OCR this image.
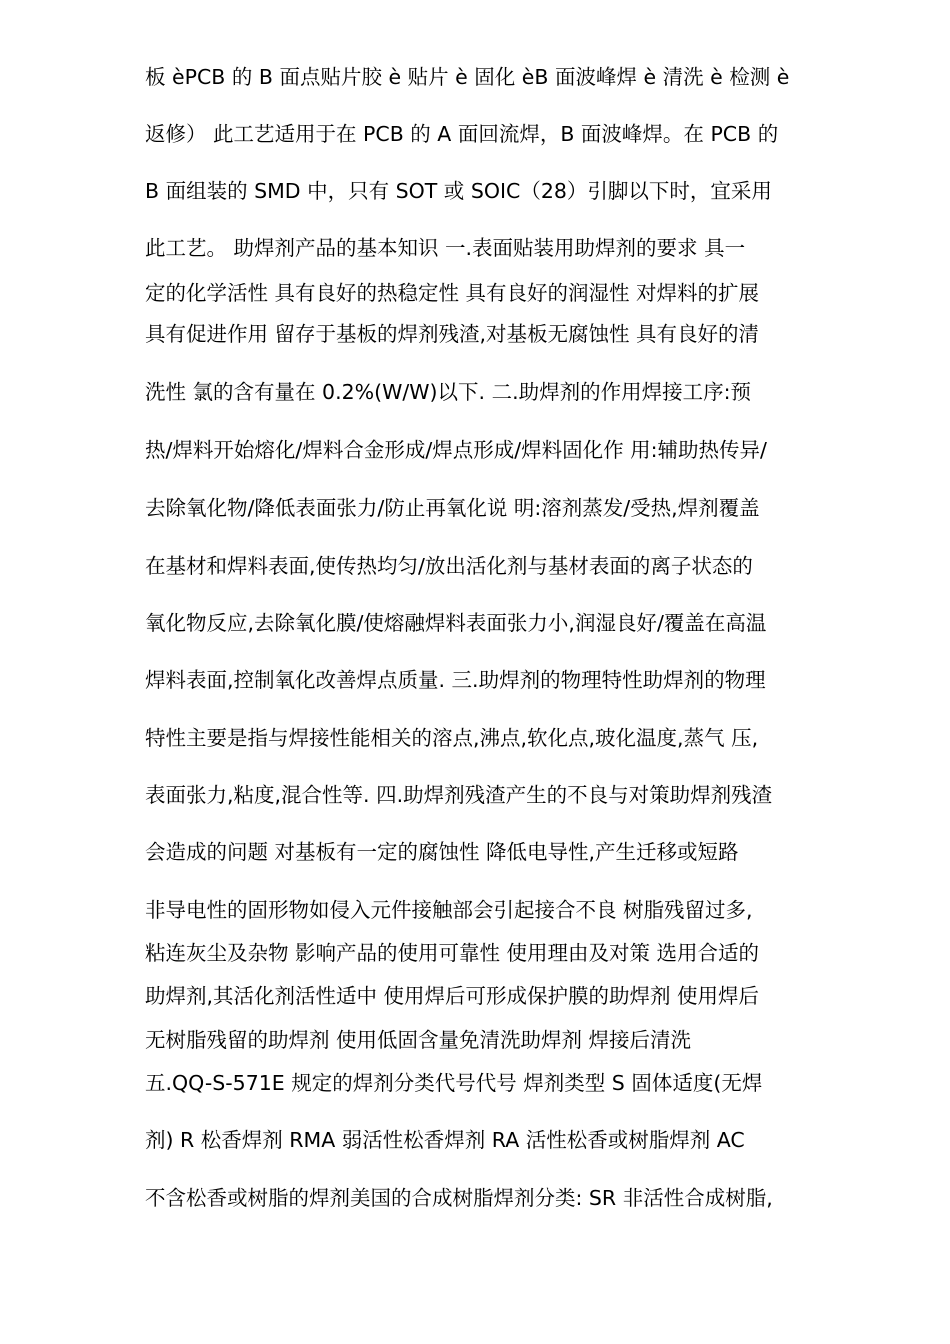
板 èPCB 的 B 面点贴片胶 è 贴片 è 固化 èB 面波峰焊 è 清洗 è 检测 è
返修） 此工艺适用于在 PCB 的 A 面回流焊，B 面波峰焊。在 PCB 的
B 面组装的 SMD 中，只有 SOT 或 SOIC（28）引脚以下时，宜采用
此工艺。 助焊剂产品的基本知识 一.表面贴装用助焊剂的要求 具一
定的化学活性 具有良好的热稳定性 具有良好的润湿性 对焊料的扩展
具有促进作用 留存于基板的焊剂残渣,对基板无腐蚀性 具有良好的清
洗性 氯的含有量在 0.2%(W/W)以下. 二.助焊剂的作用焊接工序:预
热/焊料开始熔化/焊料合金形成/焊点形成/焊料固化作 用:辅助热传异/
去除氧化物/降低表面张力/防止再氧化说 明:溶剂蒸发/受热,焊剂覆盖
在基材和焊料表面,使传热均匀/放出活化剂与基材表面的离子状态的
氧化物反应,去除氧化膜/使熔融焊料表面张力小,润湿良好/覆盖在高温
焊料表面,控制氧化改善焊点质量. 三.助焊剂的物理特性助焊剂的物理
特性主要是指与焊接性能相关的溶点,沸点,软化点,玻化温度,蒸气 压,
表面张力,粘度,混合性等. 四.助焊剂残渣产生的不良与对策助焊剂残渣
会造成的问题 对基板有一定的腐蚀性 降低电导性,产生迁移或短路
非导电性的固形物如侵入元件接触部会引起接合不良 树脂残留过多,
粘连灰尘及杂物 影响产品的使用可靠性 使用理由及对策 选用合适的
助焊剂,其活化剂活性适中 使用焊后可形成保护膜的助焊剂 使用焊后
无树脂残留的助焊剂 使用低固含量免清洗助焊剂 焊接后清洗
五.QQ-S-571E 规定的焊剂分类代号代号 焊剂类型 S 固体适度(无焊
剂) R 松香焊剂 RMA 弱活性松香焊剂 RA 活性松香或树脂焊剂 AC
不含松香或树脂的焊剂美国的合成树脂焊剂分类: SR 非活性合成树脂,
